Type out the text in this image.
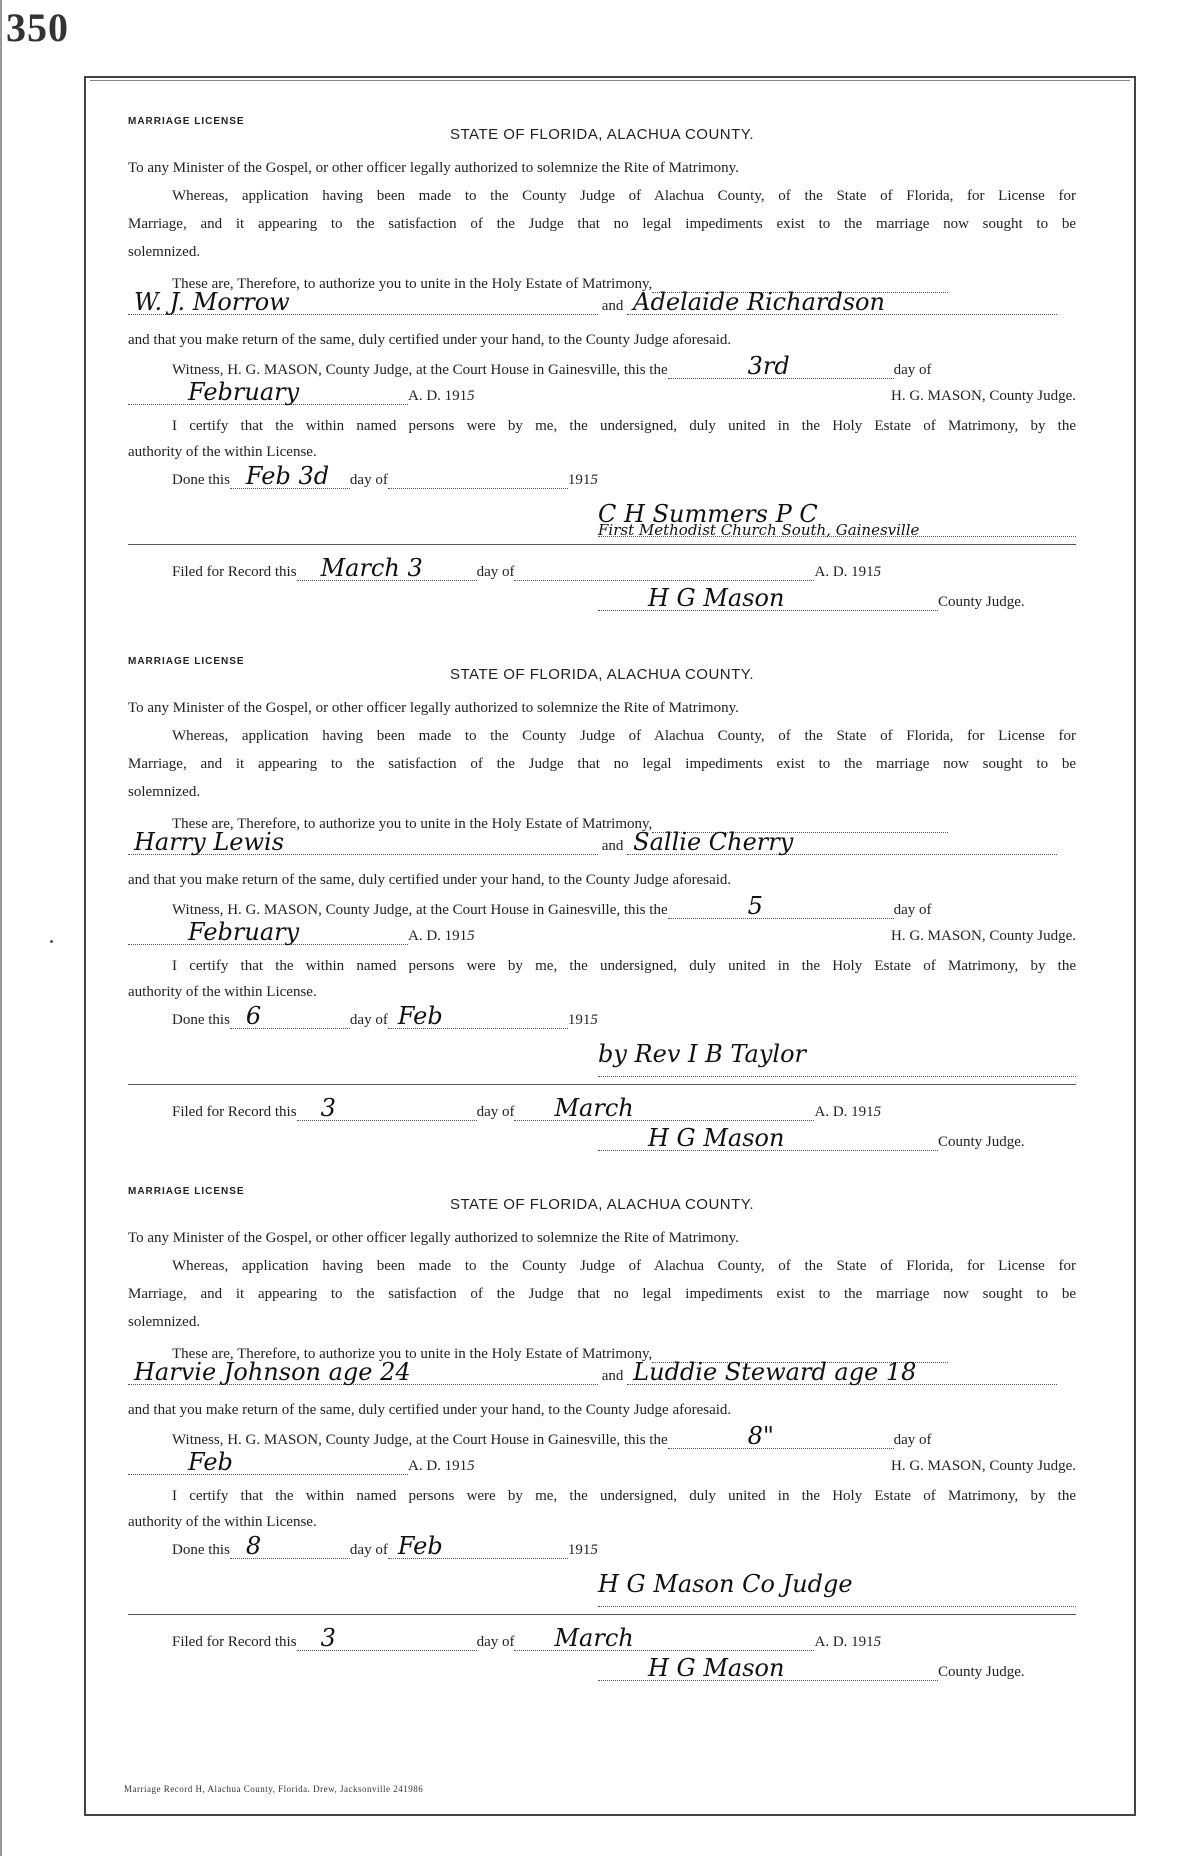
350
MARRIAGE LICENSE
STATE OF FLORIDA, ALACHUA COUNTY.
To any Minister of the Gospel, or other officer legally authorized to solemnize the Rite of Matrimony.
Whereas, application having been made to the County Judge of Alachua County, of the State of Florida, for License for
Marriage, and it appearing to the satisfaction of the Judge that no legal impediments exist to the marriage now sought to be
solemnized.
These are, Therefore, to authorize you to unite in the Holy Estate of Matrimony,
W. J. Morrow	and Adelaide Richardson
and that you make return of the same, duly certified under your hand, to the County Judge aforesaid.
Witness, H. G. MASON, County Judge, at the Court House in Gainesville, this the	3rd	day of
February	A. D. 1915	H. G. MASON, County Judge.
I certify that the within named persons were by me, the undersigned, duly united in the Holy Estate of Matrimony, by the
authority of the within License.
Done this Feb 3d day of	1915
C H Summers P C
First Methodist Church South, Gainesville
Filed for Record this March 3	day of	A. D. 1915
H G Mason	County Judge.
MARRIAGE LICENSE
STATE OF FLORIDA, ALACHUA COUNTY.
To any Minister of the Gospel, or other officer legally authorized to solemnize the Rite of Matrimony.
Whereas, application having been made to the County Judge of Alachua County, of the State of Florida, for License for
Marriage, and it appearing to the satisfaction of the Judge that no legal impediments exist to the marriage now sought to be
solemnized.
These are, Therefore, to authorize you to unite in the Holy Estate of Matrimony,
Harry Lewis	and Sallie Cherry
and that you make return of the same, duly certified under your hand, to the County Judge aforesaid.
Witness, H. G. MASON, County Judge, at the Court House in Gainesville, this the	5	day of
February	A. D. 1915	H. G. MASON, County Judge.
I certify that the within named persons were by me, the undersigned, duly united in the Holy Estate of Matrimony, by the
authority of the within License.
Done this 6	day of Feb	1915
by Rev I B Taylor
Filed for Record this 3	day of March	A. D. 1915
H G Mason	County Judge.
MARRIAGE LICENSE
STATE OF FLORIDA, ALACHUA COUNTY.
To any Minister of the Gospel, or other officer legally authorized to solemnize the Rite of Matrimony.
Whereas, application having been made to the County Judge of Alachua County, of the State of Florida, for License for
Marriage, and it appearing to the satisfaction of the Judge that no legal impediments exist to the marriage now sought to be
solemnized.
These are, Therefore, to authorize you to unite in the Holy Estate of Matrimony,
Harvie Johnson age 24	and Luddie Steward age 18
and that you make return of the same, duly certified under your hand, to the County Judge aforesaid.
Witness, H. G. MASON, County Judge, at the Court House in Gainesville, this the	8"	day of
Feb	A. D. 1915	H. G. MASON, County Judge.
I certify that the within named persons were by me, the undersigned, duly united in the Holy Estate of Matrimony, by the
authority of the within License.
Done this 8	day of Feb	1915
H G Mason Co Judge
Filed for Record this 3	day of March	A. D. 1915
H G Mason	County Judge.
Marriage Record H, Alachua County, Florida. Drew, Jacksonville 241986
